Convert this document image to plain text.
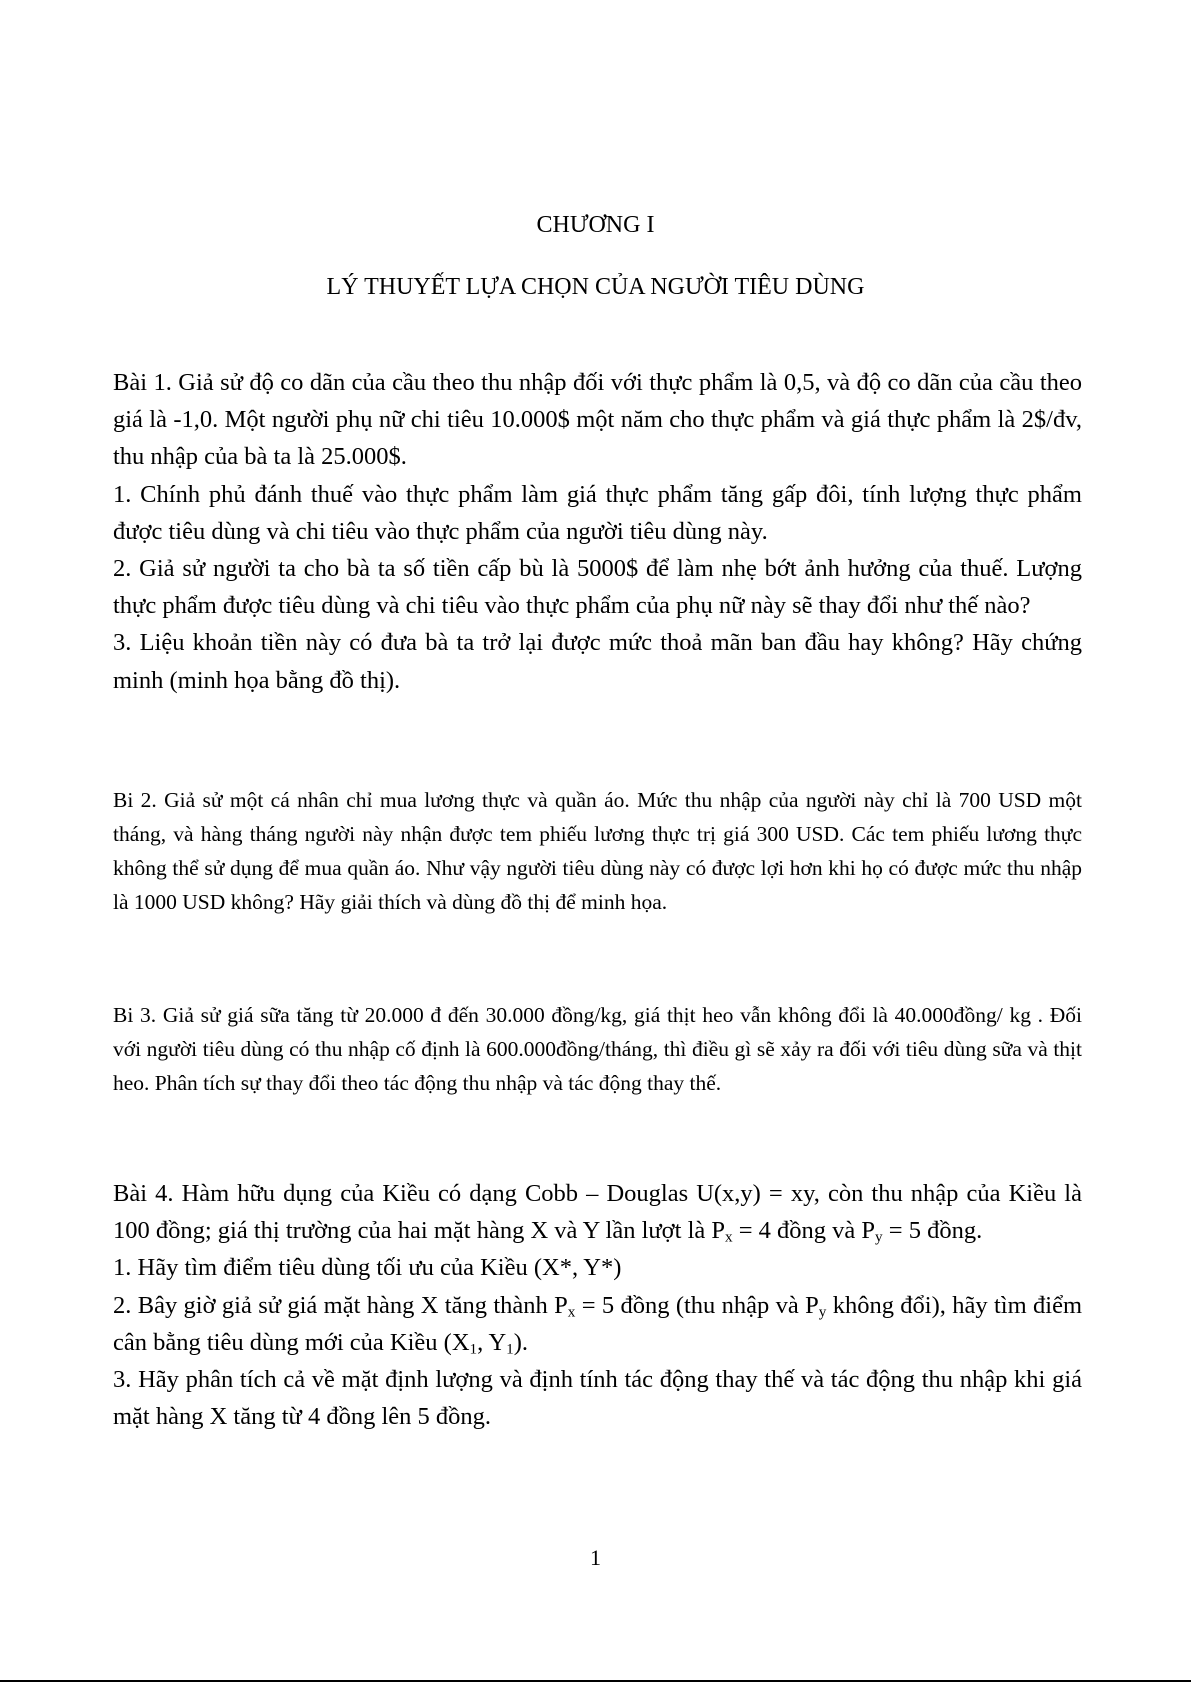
CHƯƠNG I
LÝ THUYẾT LỰA CHỌN CỦA NGƯỜI TIÊU DÙNG

Bài 1. Giả sử độ co dãn của cầu theo thu nhập đối với thực phẩm là 0,5, và độ co dãn của cầu theo giá là -1,0. Một người phụ nữ chi tiêu 10.000$ một năm cho thực phẩm và giá thực phẩm là 2$/đv, thu nhập của bà ta là 25.000$.

1. Chính phủ đánh thuế vào thực phẩm làm giá thực phẩm tăng gấp đôi, tính lượng thực phẩm được tiêu dùng và chi tiêu vào thực phẩm của người tiêu dùng này.

2. Giả sử người ta cho bà ta số tiền cấp bù là 5000$ để làm nhẹ bớt ảnh hưởng của thuế. Lượng thực phẩm được tiêu dùng và chi tiêu vào thực phẩm của phụ nữ này sẽ thay đổi như thế nào?

3. Liệu khoản tiền này có đưa bà ta trở lại được mức thoả mãn ban đầu hay không? Hãy chứng minh (minh họa bằng đồ thị).

Bi 2. Giả sử một cá nhân chỉ mua lương thực và quần áo. Mức thu nhập của người này chỉ là 700 USD một tháng, và hàng tháng người này nhận được tem phiếu lương thực trị giá 300 USD. Các tem phiếu lương thực không thể sử dụng để mua quần áo. Như vậy người tiêu dùng này có được lợi hơn khi họ có được mức thu nhập là 1000 USD không? Hãy giải thích và dùng đồ thị để minh họa.

Bi 3. Giả sử giá sữa tăng từ 20.000 đ đến 30.000 đồng/kg, giá thịt heo vẫn không đổi là 40.000đồng/ kg . Đối với người tiêu dùng có thu nhập cố định là 600.000đồng/tháng, thì điều gì sẽ xảy ra đối với tiêu dùng sữa và thịt heo. Phân tích sự thay đổi theo tác động thu nhập và tác động thay thế.

Bài 4. Hàm hữu dụng của Kiều có dạng Cobb – Douglas U(x,y) = xy, còn thu nhập của Kiều là 100 đồng; giá thị trường của hai mặt hàng X và Y lần lượt là Px = 4 đồng và Py = 5 đồng.

1. Hãy tìm điểm tiêu dùng tối ưu của Kiều (X*, Y*)

2. Bây giờ giả sử giá mặt hàng X tăng thành Px = 5 đồng (thu nhập và Py không đổi), hãy tìm điểm cân bằng tiêu dùng mới của Kiều (X1, Y1).

3. Hãy phân tích cả về mặt định lượng và định tính tác động thay thế và tác động thu nhập khi giá mặt hàng X tăng từ 4 đồng lên 5 đồng.

1
